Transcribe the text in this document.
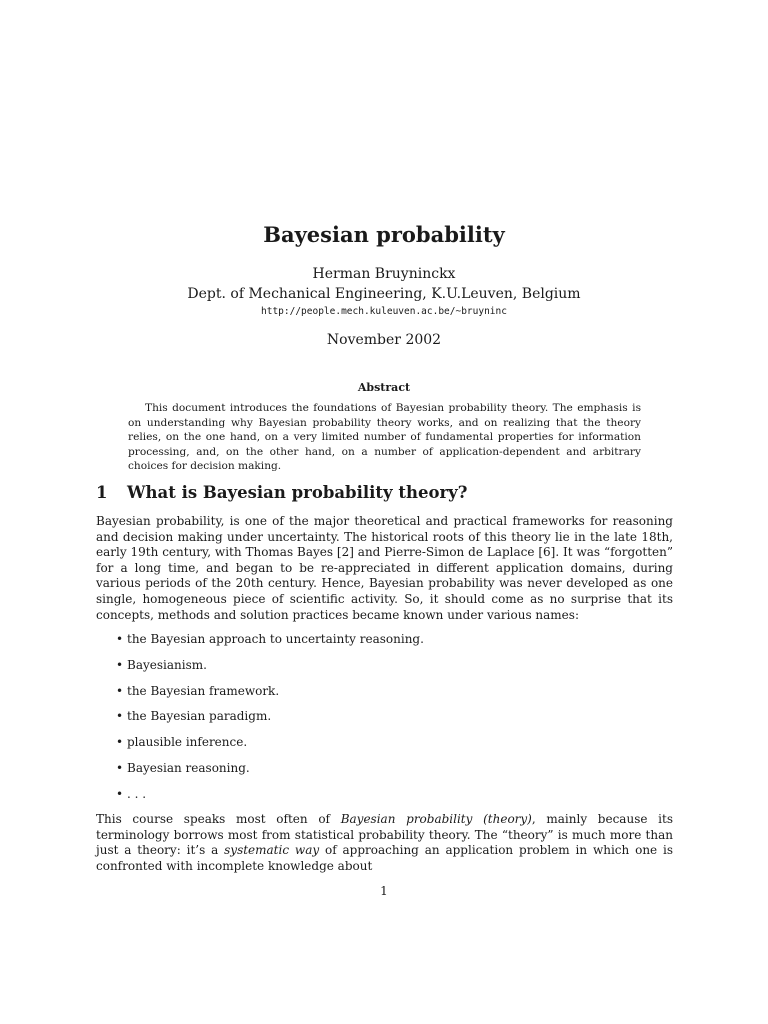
Bayesian probability
Herman Bruyninckx
Dept. of Mechanical Engineering, K.U.Leuven, Belgium
http://people.mech.kuleuven.ac.be/~bruyninc
November 2002
Abstract

This document introduces the foundations of Bayesian probability theory. The emphasis is on understanding why Bayesian probability theory works, and on realizing that the theory relies, on the one hand, on a very limited number of fundamental properties for information processing, and, on the other hand, on a number of application-dependent and arbitrary choices for decision making.

1 What is Bayesian probability theory?

Bayesian probability, is one of the major theoretical and practical frameworks for reasoning and decision making under uncertainty. The historical roots of this theory lie in the late 18th, early 19th century, with Thomas Bayes [2] and Pierre-Simon de Laplace [6]. It was “forgotten” for a long time, and began to be re-appreciated in different application domains, during various periods of the 20th century. Hence, Bayesian probability was never developed as one single, homogeneous piece of scientific activity. So, it should come as no surprise that its concepts, methods and solution practices became known under various names:

• the Bayesian approach to uncertainty reasoning.
• Bayesianism.
• the Bayesian framework.
• the Bayesian paradigm.
• plausible inference.
• Bayesian reasoning.
• . . .

This course speaks most often of Bayesian probability (theory), mainly because its terminology borrows most from statistical probability theory. The “theory” is much more than just a theory: it’s a systematic way of approaching an application problem in which one is confronted with incomplete knowledge about

1
